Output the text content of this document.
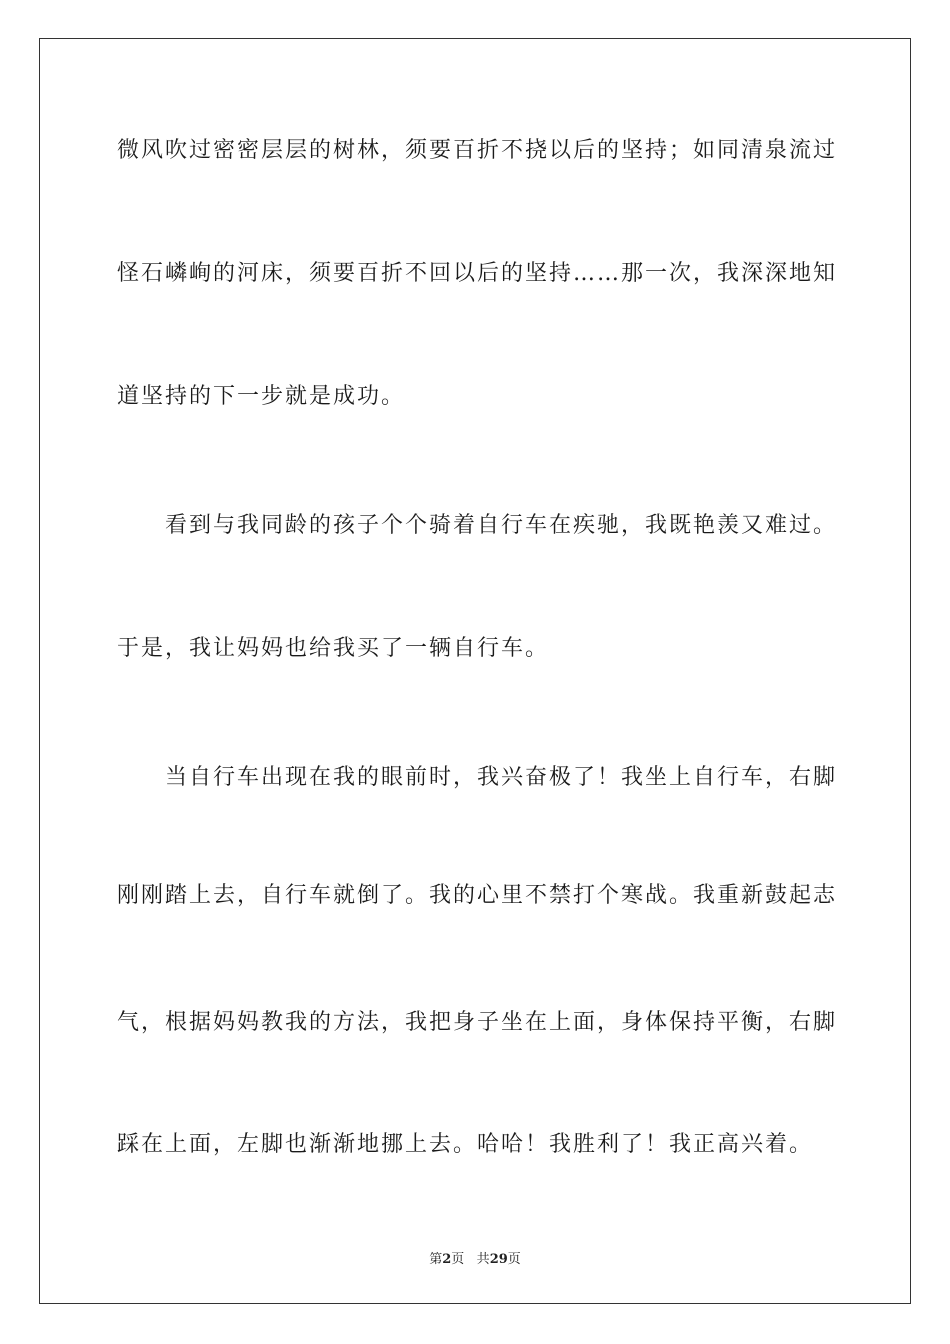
微风吹过密密层层的树林，须要百折不挠以后的坚持；如同清泉流过
怪石嶙峋的河床，须要百折不回以后的坚持……那一次，我深深地知
道坚持的下一步就是成功。
　　看到与我同龄的孩子个个骑着自行车在疾驰，我既艳羡又难过。
于是，我让妈妈也给我买了一辆自行车。
　　当自行车出现在我的眼前时，我兴奋极了！我坐上自行车，右脚
刚刚踏上去，自行车就倒了。我的心里不禁打个寒战。我重新鼓起志
气，根据妈妈教我的方法，我把身子坐在上面，身体保持平衡，右脚
踩在上面，左脚也渐渐地挪上去。哈哈！我胜利了！我正高兴着。
第2页 共29页
